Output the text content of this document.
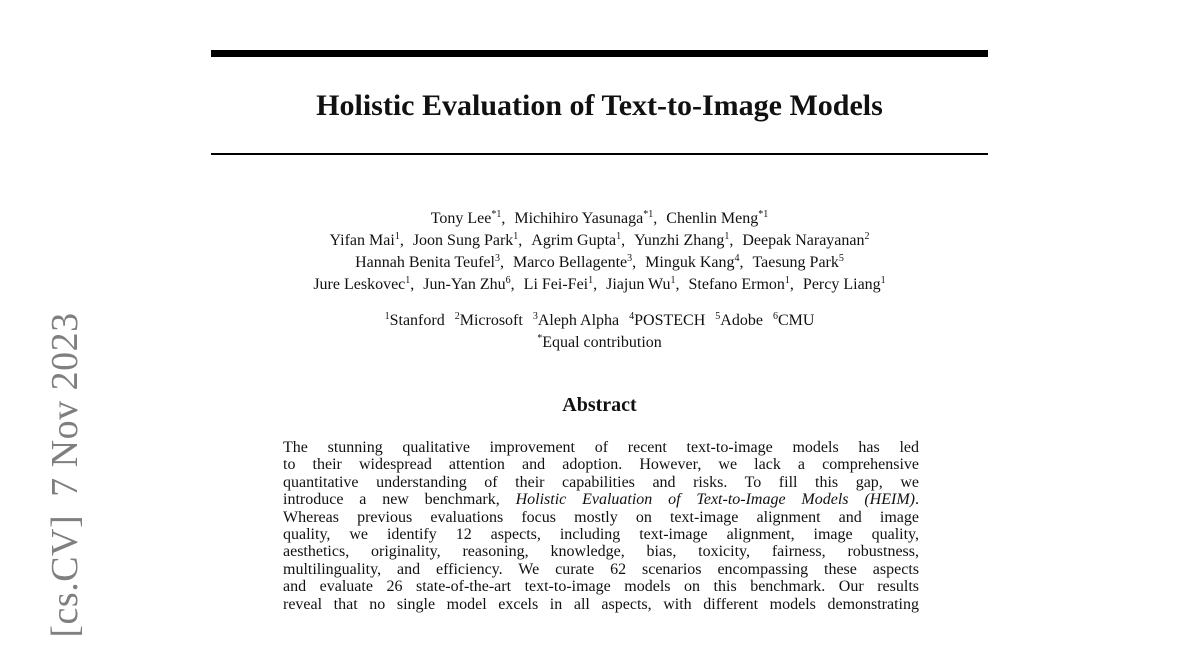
[cs.CV]7 Nov 2023
Holistic Evaluation of Text-to-Image Models
Tony Lee$^{*1}$, Michihiro Yasunaga$^{*1}$, Chenlin Meng$^{*1}$
Yifan Mai$^1$, Joon Sung Park$^1$, Agrim Gupta$^1$, Yunzhi Zhang$^1$, Deepak Narayanan$^2$
Hannah Benita Teufel$^3$, Marco Bellagente$^3$, Minguk Kang$^4$, Taesung Park$^5$
Jure Leskovec$^1$, Jun-Yan Zhu$^6$, Li Fei-Fei$^1$, Jiajun Wu$^1$, Stefano Ermon$^1$, Percy Liang$^1$
$^1$Stanford $^2$Microsoft $^3$Aleph Alpha $^4$POSTECH $^5$Adobe $^6$CMU
*Equal contribution
Abstract
The stunning qualitative improvement of recent text-to-image models has led
to their widespread attention and adoption. However, we lack a comprehensive
quantitative understanding of their capabilities and risks. To fill this gap, we
introduce a new benchmark, Holistic Evaluation of Text-to-Image Models (HEIM).
Whereas previous evaluations focus mostly on text-image alignment and image
quality, we identify 12 aspects, including text-image alignment, image quality,
aesthetics, originality, reasoning, knowledge, bias, toxicity, fairness, robustness,
multilinguality, and efficiency. We curate 62 scenarios encompassing these aspects
and evaluate 26 state-of-the-art text-to-image models on this benchmark. Our results
reveal that no single model excels in all aspects, with different models demonstrating
